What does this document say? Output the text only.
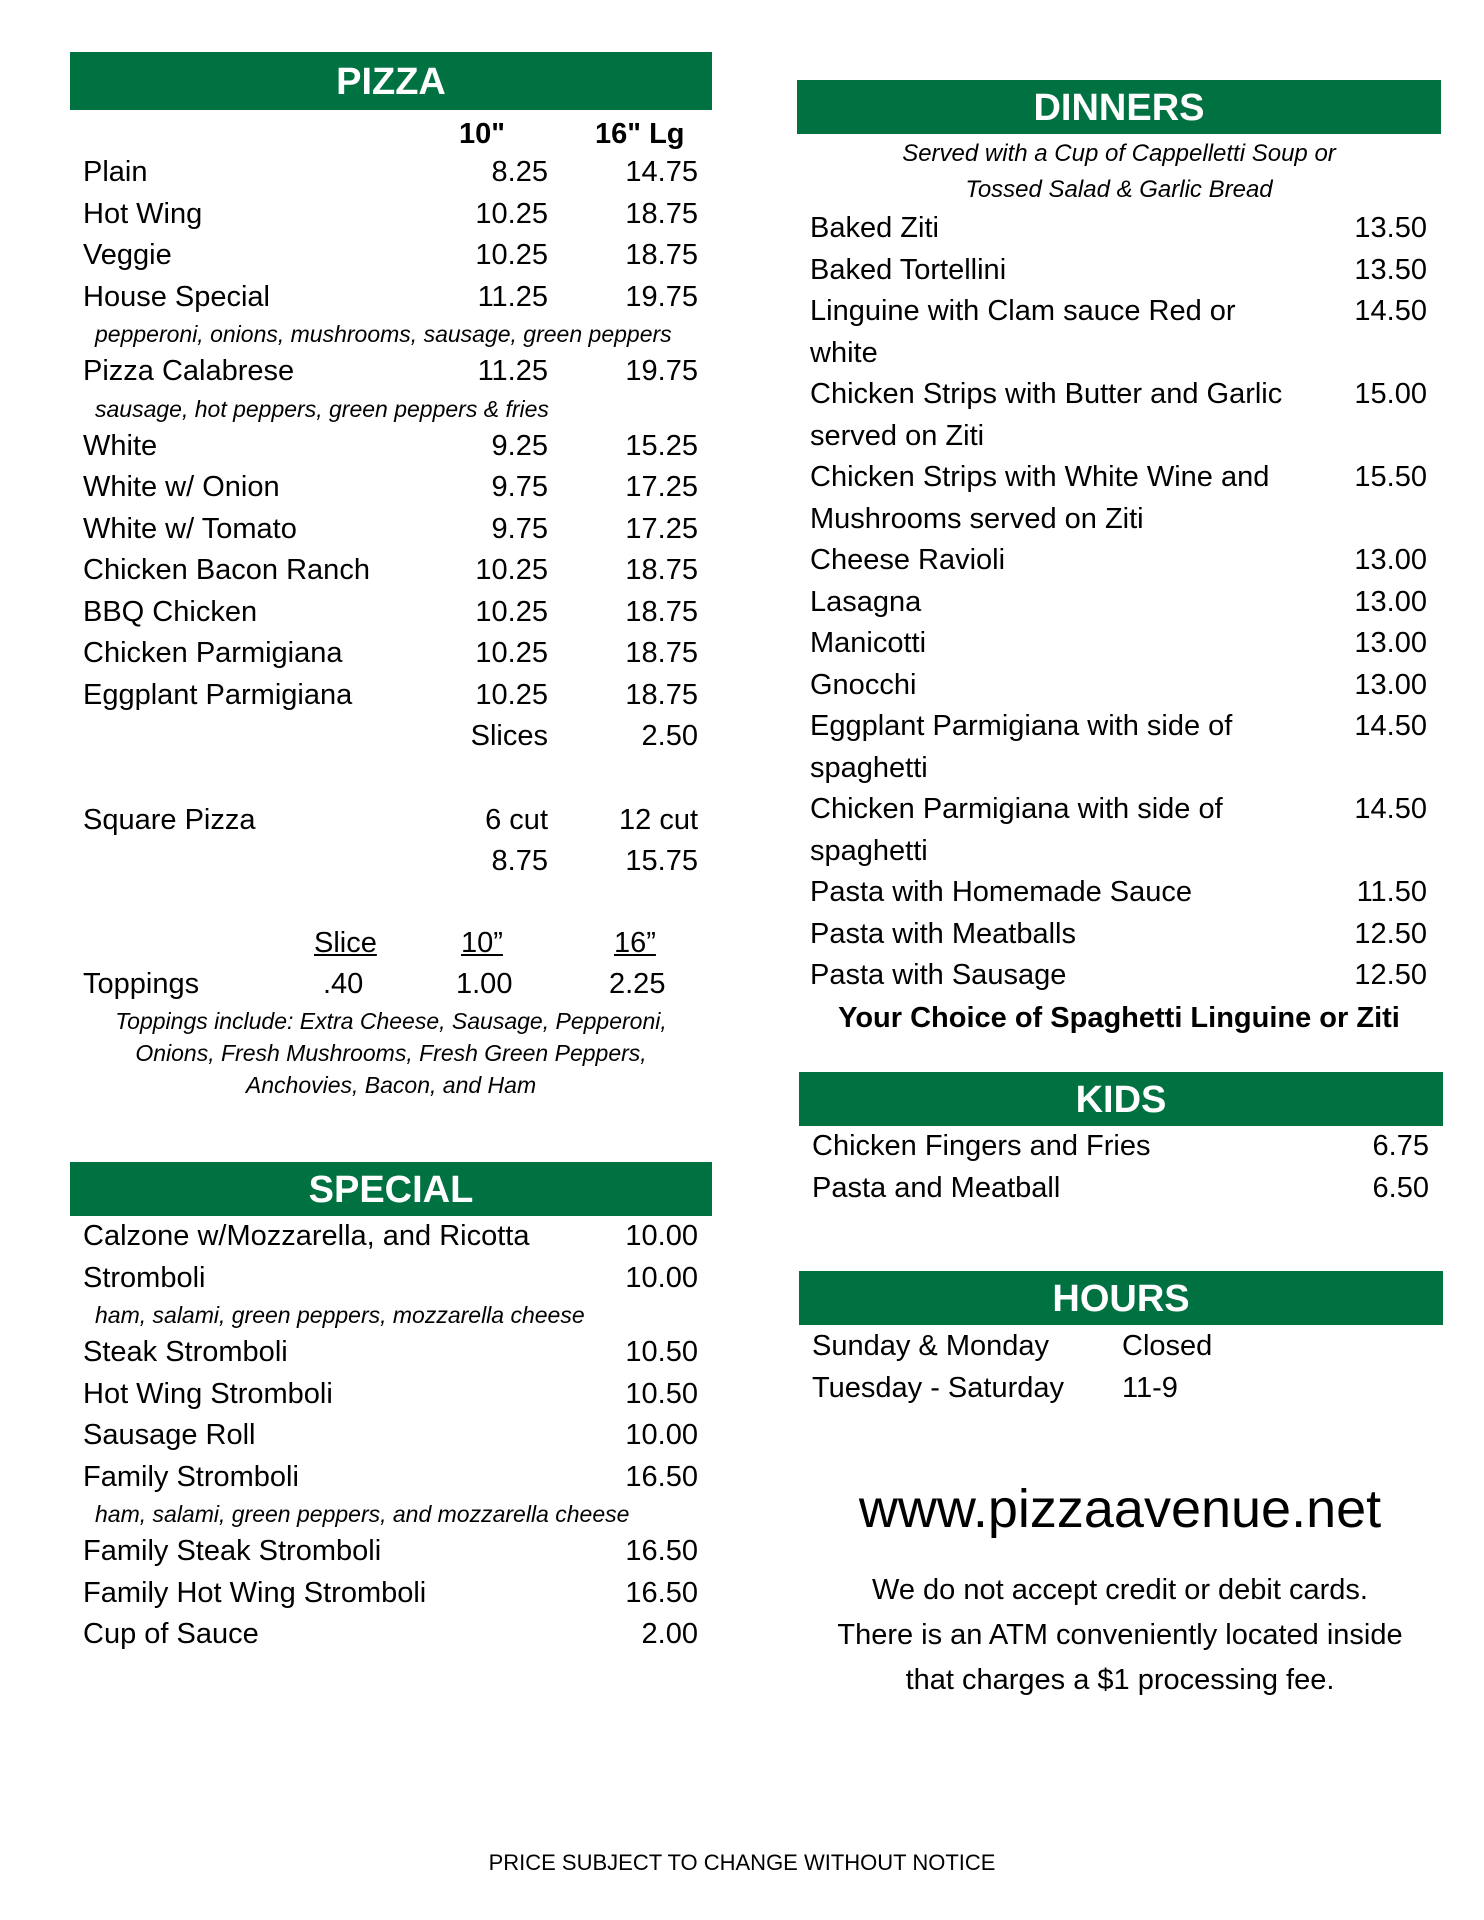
PIZZA
10"	16" Lg
Plain	8.25	14.75
Hot Wing	10.25	18.75
Veggie	10.25	18.75
House Special	11.25	19.75
pepperoni, onions, mushrooms, sausage, green peppers
Pizza Calabrese	11.25	19.75
sausage, hot peppers, green peppers & fries
White	9.25	15.25
White w/ Onion	9.75	17.25
White w/ Tomato	9.75	17.25
Chicken Bacon Ranch	10.25	18.75
BBQ Chicken	10.25	18.75
Chicken Parmigiana	10.25	18.75
Eggplant Parmigiana	10.25	18.75
Slices	2.50
Square Pizza	6 cut 12 cut
8.75	15.75
Slice	10”	16”
Toppings	.40	1.00	2.25
Toppings include: Extra Cheese, Sausage, Pepperoni, Onions, Fresh Mushrooms, Fresh Green Peppers, Anchovies, Bacon, and Ham
SPECIAL
Calzone w/Mozzarella, and Ricotta	10.00
Stromboli	10.00
ham, salami, green peppers, mozzarella cheese
Steak Stromboli	10.50
Hot Wing Stromboli	10.50
Sausage Roll	10.00
Family Stromboli	16.50
ham, salami, green peppers, and mozzarella cheese
Family Steak Stromboli	16.50
Family Hot Wing Stromboli	16.50
Cup of Sauce	2.00
DINNERS
Served with a Cup of Cappelletti Soup or
Tossed Salad & Garlic Bread
Baked Ziti	13.50
Baked Tortellini	13.50
Linguine with Clam sauce Red or white
14.50
Chicken Strips with Butter and Garlic served on Ziti
15.00
Chicken Strips with White Wine and Mushrooms served on Ziti
15.50
Cheese Ravioli	13.00
Lasagna	13.00
Manicotti	13.00
Gnocchi	13.00
Eggplant Parmigiana with side of spaghetti
14.50
Chicken Parmigiana with side of spaghetti
14.50
Pasta with Homemade Sauce	11.50
Pasta with Meatballs	12.50
Pasta with Sausage	12.50
Your Choice of Spaghetti Linguine or Ziti
KIDS
Chicken Fingers and Fries	6.75
Pasta and Meatball	6.50
HOURS
Sunday & Monday	Closed
Tuesday - Saturday 11-9
www.pizzaavenue.net
We do not accept credit or debit cards.
There is an ATM conveniently located inside
that charges a $1 processing fee.
PRICE SUBJECT TO CHANGE WITHOUT NOTICE
